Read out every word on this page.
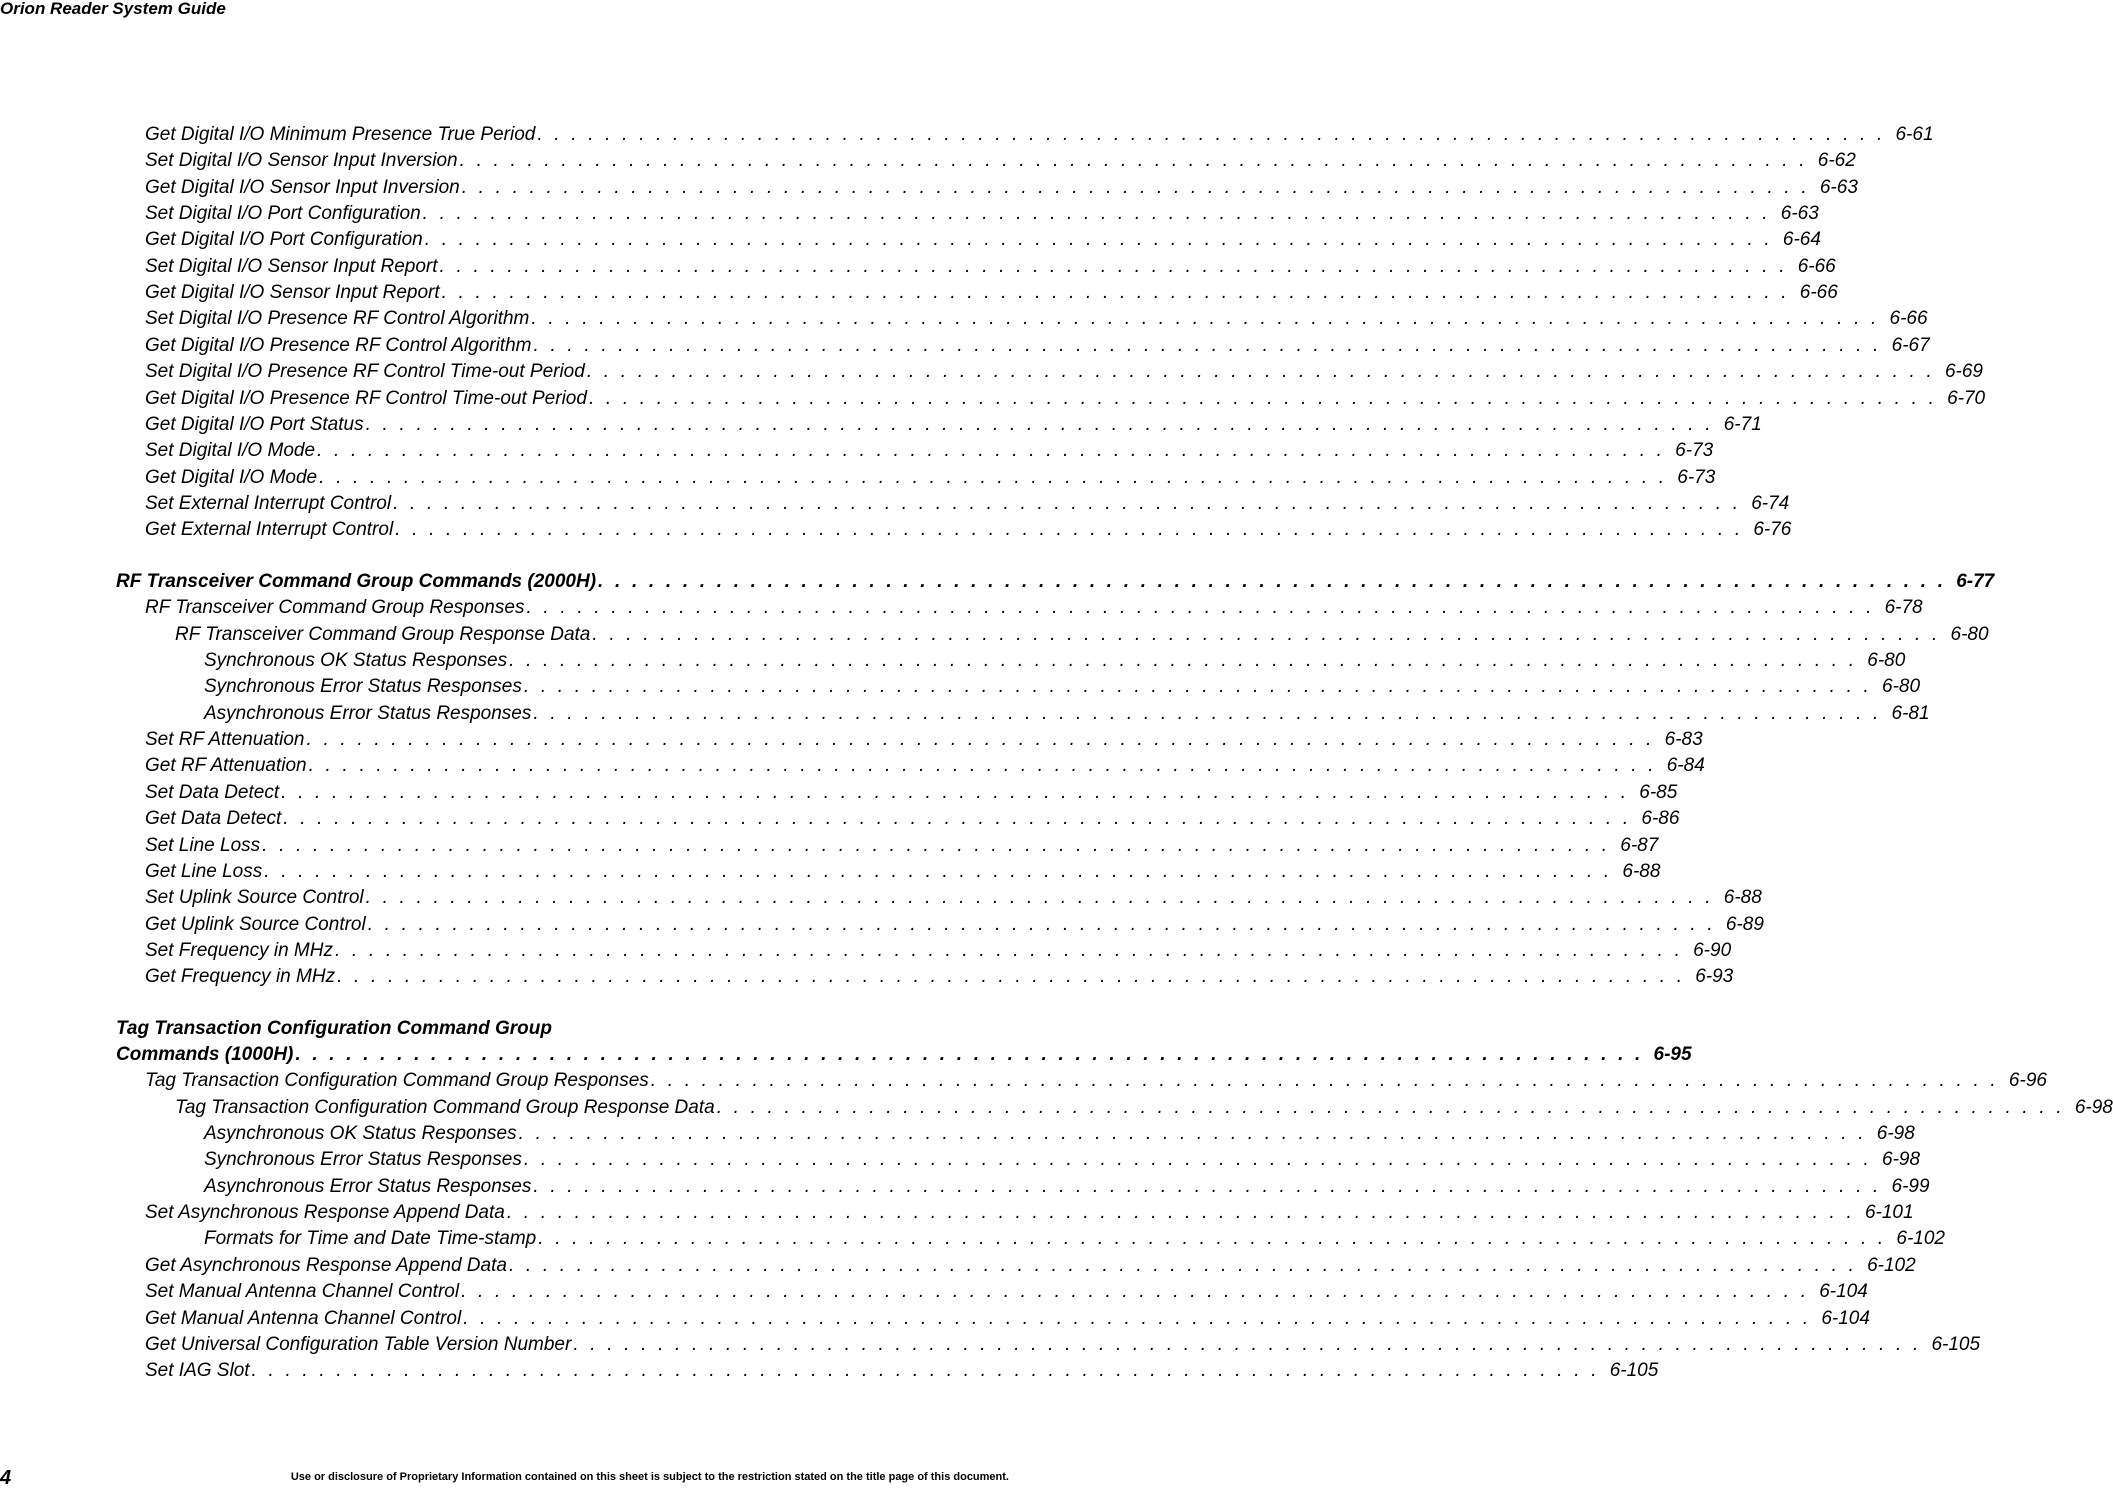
Orion Reader System Guide
Tag Transaction Configuration Command Group
Get Digital I/O Minimum Presence True Period . . . . . . . . . . . . . . . . . . . . . . . . . . . . . . . . . . . . . . . . . . . . . . . . . . . . . . . . . . . . . . . . . . . . . . . . . . . . . . . . 6-61
Set Digital I/O Sensor Input Inversion . . . . . . . . . . . . . . . . . . . . . . . . . . . . . . . . . . . . . . . . . . . . . . . . . . . . . . . . . . . . . . . . . . . . . . . . . . . . . . . . 6-62
Get Digital I/O Sensor Input Inversion . . . . . . . . . . . . . . . . . . . . . . . . . . . . . . . . . . . . . . . . . . . . . . . . . . . . . . . . . . . . . . . . . . . . . . . . . . . . . . . . 6-63
Set Digital I/O Port Configuration . . . . . . . . . . . . . . . . . . . . . . . . . . . . . . . . . . . . . . . . . . . . . . . . . . . . . . . . . . . . . . . . . . . . . . . . . . . . . . . . 6-63
Get Digital I/O Port Configuration . . . . . . . . . . . . . . . . . . . . . . . . . . . . . . . . . . . . . . . . . . . . . . . . . . . . . . . . . . . . . . . . . . . . . . . . . . . . . . . . 6-64
Set Digital I/O Sensor Input Report . . . . . . . . . . . . . . . . . . . . . . . . . . . . . . . . . . . . . . . . . . . . . . . . . . . . . . . . . . . . . . . . . . . . . . . . . . . . . . . . 6-66
Get Digital I/O Sensor Input Report . . . . . . . . . . . . . . . . . . . . . . . . . . . . . . . . . . . . . . . . . . . . . . . . . . . . . . . . . . . . . . . . . . . . . . . . . . . . . . . . 6-66
Set Digital I/O Presence RF Control Algorithm . . . . . . . . . . . . . . . . . . . . . . . . . . . . . . . . . . . . . . . . . . . . . . . . . . . . . . . . . . . . . . . . . . . . . . . . . . . . . . . . 6-66
Get Digital I/O Presence RF Control Algorithm . . . . . . . . . . . . . . . . . . . . . . . . . . . . . . . . . . . . . . . . . . . . . . . . . . . . . . . . . . . . . . . . . . . . . . . . . . . . . . . . 6-67
Set Digital I/O Presence RF Control Time-out Period . . . . . . . . . . . . . . . . . . . . . . . . . . . . . . . . . . . . . . . . . . . . . . . . . . . . . . . . . . . . . . . . . . . . . . . . . . . . . . . . 6-69
Get Digital I/O Presence RF Control Time-out Period . . . . . . . . . . . . . . . . . . . . . . . . . . . . . . . . . . . . . . . . . . . . . . . . . . . . . . . . . . . . . . . . . . . . . . . . . . . . . . . . 6-70
Get Digital I/O Port Status . . . . . . . . . . . . . . . . . . . . . . . . . . . . . . . . . . . . . . . . . . . . . . . . . . . . . . . . . . . . . . . . . . . . . . . . . . . . . . . . 6-71
Set Digital I/O Mode . . . . . . . . . . . . . . . . . . . . . . . . . . . . . . . . . . . . . . . . . . . . . . . . . . . . . . . . . . . . . . . . . . . . . . . . . . . . . . . . 6-73
Get Digital I/O Mode . . . . . . . . . . . . . . . . . . . . . . . . . . . . . . . . . . . . . . . . . . . . . . . . . . . . . . . . . . . . . . . . . . . . . . . . . . . . . . . . 6-73
Set External Interrupt Control . . . . . . . . . . . . . . . . . . . . . . . . . . . . . . . . . . . . . . . . . . . . . . . . . . . . . . . . . . . . . . . . . . . . . . . . . . . . . . . . 6-74
Get External Interrupt Control . . . . . . . . . . . . . . . . . . . . . . . . . . . . . . . . . . . . . . . . . . . . . . . . . . . . . . . . . . . . . . . . . . . . . . . . . . . . . . . . 6-76
RF Transceiver Command Group Commands (2000H) . . . . . . . . . . . . . . . . . . . . . . . . . . . . . . . . . . . . . . . . . . . . . . . . . . . . . . . . . . . . . . . . . . . . . . . . . . . . . . . . 6-77
RF Transceiver Command Group Responses . . . . . . . . . . . . . . . . . . . . . . . . . . . . . . . . . . . . . . . . . . . . . . . . . . . . . . . . . . . . . . . . . . . . . . . . . . . . . . . . 6-78
RF Transceiver Command Group Response Data . . . . . . . . . . . . . . . . . . . . . . . . . . . . . . . . . . . . . . . . . . . . . . . . . . . . . . . . . . . . . . . . . . . . . . . . . . . . . . . . 6-80
Synchronous OK Status Responses . . . . . . . . . . . . . . . . . . . . . . . . . . . . . . . . . . . . . . . . . . . . . . . . . . . . . . . . . . . . . . . . . . . . . . . . . . . . . . . . 6-80
Synchronous Error Status Responses . . . . . . . . . . . . . . . . . . . . . . . . . . . . . . . . . . . . . . . . . . . . . . . . . . . . . . . . . . . . . . . . . . . . . . . . . . . . . . . . 6-80
Asynchronous Error Status Responses . . . . . . . . . . . . . . . . . . . . . . . . . . . . . . . . . . . . . . . . . . . . . . . . . . . . . . . . . . . . . . . . . . . . . . . . . . . . . . . . 6-81
Set RF Attenuation . . . . . . . . . . . . . . . . . . . . . . . . . . . . . . . . . . . . . . . . . . . . . . . . . . . . . . . . . . . . . . . . . . . . . . . . . . . . . . . . 6-83
Get RF Attenuation . . . . . . . . . . . . . . . . . . . . . . . . . . . . . . . . . . . . . . . . . . . . . . . . . . . . . . . . . . . . . . . . . . . . . . . . . . . . . . . . 6-84
Set Data Detect . . . . . . . . . . . . . . . . . . . . . . . . . . . . . . . . . . . . . . . . . . . . . . . . . . . . . . . . . . . . . . . . . . . . . . . . . . . . . . . . 6-85
Get Data Detect . . . . . . . . . . . . . . . . . . . . . . . . . . . . . . . . . . . . . . . . . . . . . . . . . . . . . . . . . . . . . . . . . . . . . . . . . . . . . . . . 6-86
Set Line Loss . . . . . . . . . . . . . . . . . . . . . . . . . . . . . . . . . . . . . . . . . . . . . . . . . . . . . . . . . . . . . . . . . . . . . . . . . . . . . . . . 6-87
Get Line Loss . . . . . . . . . . . . . . . . . . . . . . . . . . . . . . . . . . . . . . . . . . . . . . . . . . . . . . . . . . . . . . . . . . . . . . . . . . . . . . . . 6-88
Set Uplink Source Control . . . . . . . . . . . . . . . . . . . . . . . . . . . . . . . . . . . . . . . . . . . . . . . . . . . . . . . . . . . . . . . . . . . . . . . . . . . . . . . . 6-88
Get Uplink Source Control . . . . . . . . . . . . . . . . . . . . . . . . . . . . . . . . . . . . . . . . . . . . . . . . . . . . . . . . . . . . . . . . . . . . . . . . . . . . . . . . 6-89
Set Frequency in MHz . . . . . . . . . . . . . . . . . . . . . . . . . . . . . . . . . . . . . . . . . . . . . . . . . . . . . . . . . . . . . . . . . . . . . . . . . . . . . . . . 6-90
Get Frequency in MHz . . . . . . . . . . . . . . . . . . . . . . . . . . . . . . . . . . . . . . . . . . . . . . . . . . . . . . . . . . . . . . . . . . . . . . . . . . . . . . . . 6-93
Commands (1000H) . . . . . . . . . . . . . . . . . . . . . . . . . . . . . . . . . . . . . . . . . . . . . . . . . . . . . . . . . . . . . . . . . . . . . . . . . . . . . . . . 6-95
Tag Transaction Configuration Command Group Responses . . . . . . . . . . . . . . . . . . . . . . . . . . . . . . . . . . . . . . . . . . . . . . . . . . . . . . . . . . . . . . . . . . . . . . . . . . . . . . . . 6-96
Tag Transaction Configuration Command Group Response Data . . . . . . . . . . . . . . . . . . . . . . . . . . . . . . . . . . . . . . . . . . . . . . . . . . . . . . . . . . . . . . . . . . . . . . . . . . . . . . . . 6-98
Asynchronous OK Status Responses . . . . . . . . . . . . . . . . . . . . . . . . . . . . . . . . . . . . . . . . . . . . . . . . . . . . . . . . . . . . . . . . . . . . . . . . . . . . . . . . 6-98
Synchronous Error Status Responses . . . . . . . . . . . . . . . . . . . . . . . . . . . . . . . . . . . . . . . . . . . . . . . . . . . . . . . . . . . . . . . . . . . . . . . . . . . . . . . . 6-98
Asynchronous Error Status Responses . . . . . . . . . . . . . . . . . . . . . . . . . . . . . . . . . . . . . . . . . . . . . . . . . . . . . . . . . . . . . . . . . . . . . . . . . . . . . . . . 6-99
Set Asynchronous Response Append Data . . . . . . . . . . . . . . . . . . . . . . . . . . . . . . . . . . . . . . . . . . . . . . . . . . . . . . . . . . . . . . . . . . . . . . . . . . . . . . . . 6-101
Formats for Time and Date Time-stamp . . . . . . . . . . . . . . . . . . . . . . . . . . . . . . . . . . . . . . . . . . . . . . . . . . . . . . . . . . . . . . . . . . . . . . . . . . . . . . . . 6-102
Get Asynchronous Response Append Data . . . . . . . . . . . . . . . . . . . . . . . . . . . . . . . . . . . . . . . . . . . . . . . . . . . . . . . . . . . . . . . . . . . . . . . . . . . . . . . . 6-102
Set Manual Antenna Channel Control . . . . . . . . . . . . . . . . . . . . . . . . . . . . . . . . . . . . . . . . . . . . . . . . . . . . . . . . . . . . . . . . . . . . . . . . . . . . . . . . 6-104
Get Manual Antenna Channel Control . . . . . . . . . . . . . . . . . . . . . . . . . . . . . . . . . . . . . . . . . . . . . . . . . . . . . . . . . . . . . . . . . . . . . . . . . . . . . . . . 6-104
Get Universal Configuration Table Version Number . . . . . . . . . . . . . . . . . . . . . . . . . . . . . . . . . . . . . . . . . . . . . . . . . . . . . . . . . . . . . . . . . . . . . . . . . . . . . . . . 6-105
Set IAG Slot . . . . . . . . . . . . . . . . . . . . . . . . . . . . . . . . . . . . . . . . . . . . . . . . . . . . . . . . . . . . . . . . . . . . . . . . . . . . . . . . 6-105
4	Use or disclosure of Proprietary Information contained on this sheet is subject to the restriction stated on the title page of this document.
